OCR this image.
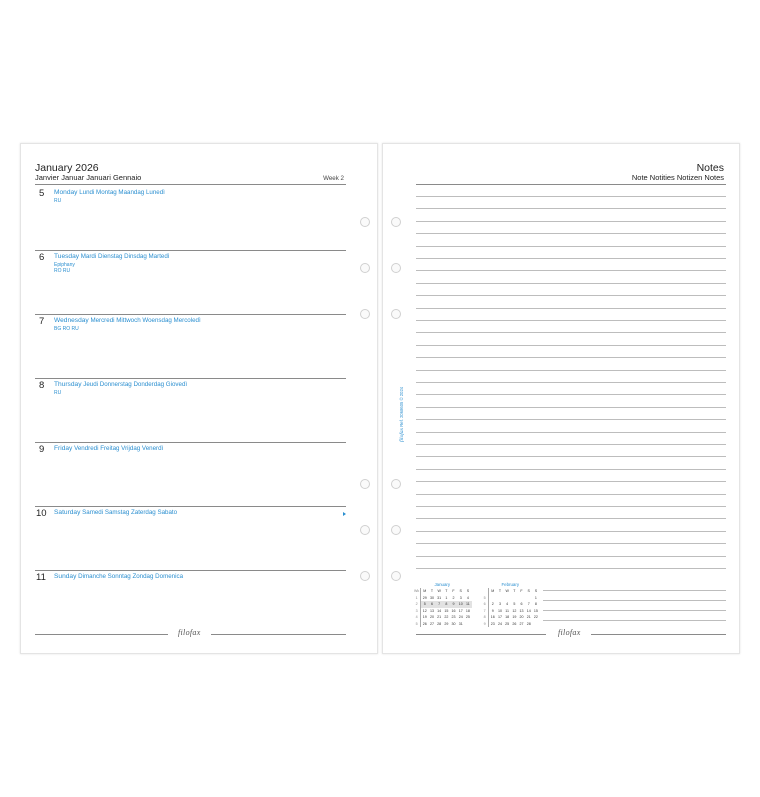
January 2026
Janvier Januar Januari Gennaio	Week 2
5 Monday Lundi Montag Maandag Lunedì
RU
6 Tuesday Mardi Dienstag Dinsdag Martedì
Epiphany
RO RU
7 Wednesday Mercredi Mittwoch Woensdag Mercoledì
BG RO RU
8 Thursday Jeudi Donnerstag Donderdag Giovedì
RU
9 Friday Vendredi Freitag Vrijdag Venerdì
10 Saturday Samedi Samstag Zaterdag Sabato
11 Sunday Dimanche Sonntag Zondag Domenica
filofax
Notes
Note Notities Notizen Notes
filofax Ref. 2068605 © 2024
January
Wk	M	T	W	T	F	S	S
1	29	30	31	1	2	3	4
2	5	6	7	8	9	10	11
3	12	13	14	15	16	17	18
4	19	20	21	22	23	24	25
5	26	27	28	29	30	31	
February
	M	T	W	T	F	S	S
5							1
6	2	3	4	5	6	7	8
7	9	10	11	12	13	14	15
8	16	17	18	19	20	21	22
9	23	24	25	26	27	28	
filofax
